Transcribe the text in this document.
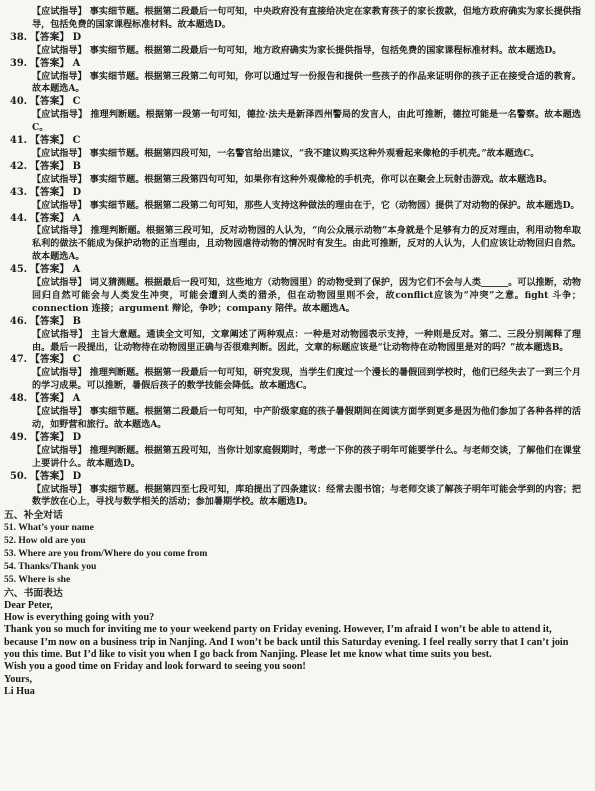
【应试指导】 事实细节题。根据第二段最后一句可知，中央政府没有直接给决定在家教育孩子的家长拨款，但地方政府确实为家长提供指导，包括免费的国家课程标准材料。故本题选D。
38. 【答案】 D
【应试指导】 事实细节题。根据第二段最后一句可知，地方政府确实为家长提供指导，包括免费的国家课程标准材料。故本题选D。
39. 【答案】 A
【应试指导】 事实细节题。根据第三段第二句可知，你可以通过写一份报告和提供一些孩子的作品来证明你的孩子正在接受合适的教育。故本题选A。
40. 【答案】 C
【应试指导】 推理判断题。根据第一段第一句可知，德拉·法夫是新泽西州警局的发言人，由此可推断，德拉可能是一名警察。故本题选C。
41. 【答案】 C
【应试指导】 事实细节题。根据第四段可知，一名警官给出建议，“我不建议购买这种外观看起来像枪的手机壳。”故本题选C。
42. 【答案】 B
【应试指导】 事实细节题。根据第三段第四句可知，如果你有这种外观像枪的手机壳，你可以在聚会上玩射击游戏。故本题选B。
43. 【答案】 D
【应试指导】 事实细节题。根据第二段第二句可知，那些人支持这种做法的理由在于，它（动物园）提供了对动物的保护。故本题选D。
44. 【答案】 A
【应试指导】 推理判断题。根据第三段可知，反对动物园的人认为，“向公众展示动物”本身就是个足够有力的反对理由，利用动物牟取私利的做法不能成为保护动物的正当理由，且动物园虐待动物的情况时有发生。由此可推断，反对的人认为，人们应该让动物回归自然。故本题选A。
45. 【答案】 A
【应试指导】 词义猜测题。根据最后一段可知，这些地方（动物园里）的动物受到了保护，因为它们不会与人类______。可以推断，动物回归自然可能会与人类发生冲突，可能会遭到人类的猎杀，但在动物园里则不会，故conflict应该为“冲突”之意。fight 斗争；connection 连接；argument 辩论，争吵；company 陪伴。故本题选A。
46. 【答案】 B
【应试指导】 主旨大意题。通读全文可知，文章阐述了两种观点：一种是对动物园表示支持，一种则是反对。第二、三段分别阐释了理由。最后一段提出，让动物待在动物园里正确与否很难判断。因此，文章的标题应该是“让动物待在动物园里是对的吗？”故本题选B。
47. 【答案】 C
【应试指导】 推理判断题。根据第一段最后一句可知，研究发现，当学生们度过一个漫长的暑假回到学校时，他们已经失去了一到三个月的学习成果。可以推断，暑假后孩子的数学技能会降低。故本题选C。
48. 【答案】 A
【应试指导】 事实细节题。根据第二段最后一句可知，中产阶级家庭的孩子暑假期间在阅读方面学到更多是因为他们参加了各种各样的活动，如野营和旅行。故本题选A。
49. 【答案】 D
【应试指导】 推理判断题。根据第五段可知，当你计划家庭假期时，考虑一下你的孩子明年可能要学什么。与老师交谈，了解他们在课堂上要讲什么。故本题选D。
50. 【答案】 D
【应试指导】 事实细节题。根据第四至七段可知，库珀提出了四条建议：经常去图书馆；与老师交谈了解孩子明年可能会学到的内容；把数学放在心上，寻找与数学相关的活动；参加暑期学校。故本题选D。
五、补全对话
51. What’s your name
52. How old are you
53. Where are you from/Where do you come from
54. Thanks/Thank you
55. Where is she
六、书面表达

Dear Peter,

How is everything going with you?

Thank you so much for inviting me to your weekend party on Friday evening. However, I’m afraid I won’t be able to attend it, because I’m now on a business trip in Nanjing. And I won’t be back until this Saturday evening. I feel really sorry that I can’t join you this time. But I’d like to visit you when I go back from Nanjing. Please let me know what time suits you best.

Wish you a good time on Friday and look forward to seeing you soon!

Yours,

Li Hua
